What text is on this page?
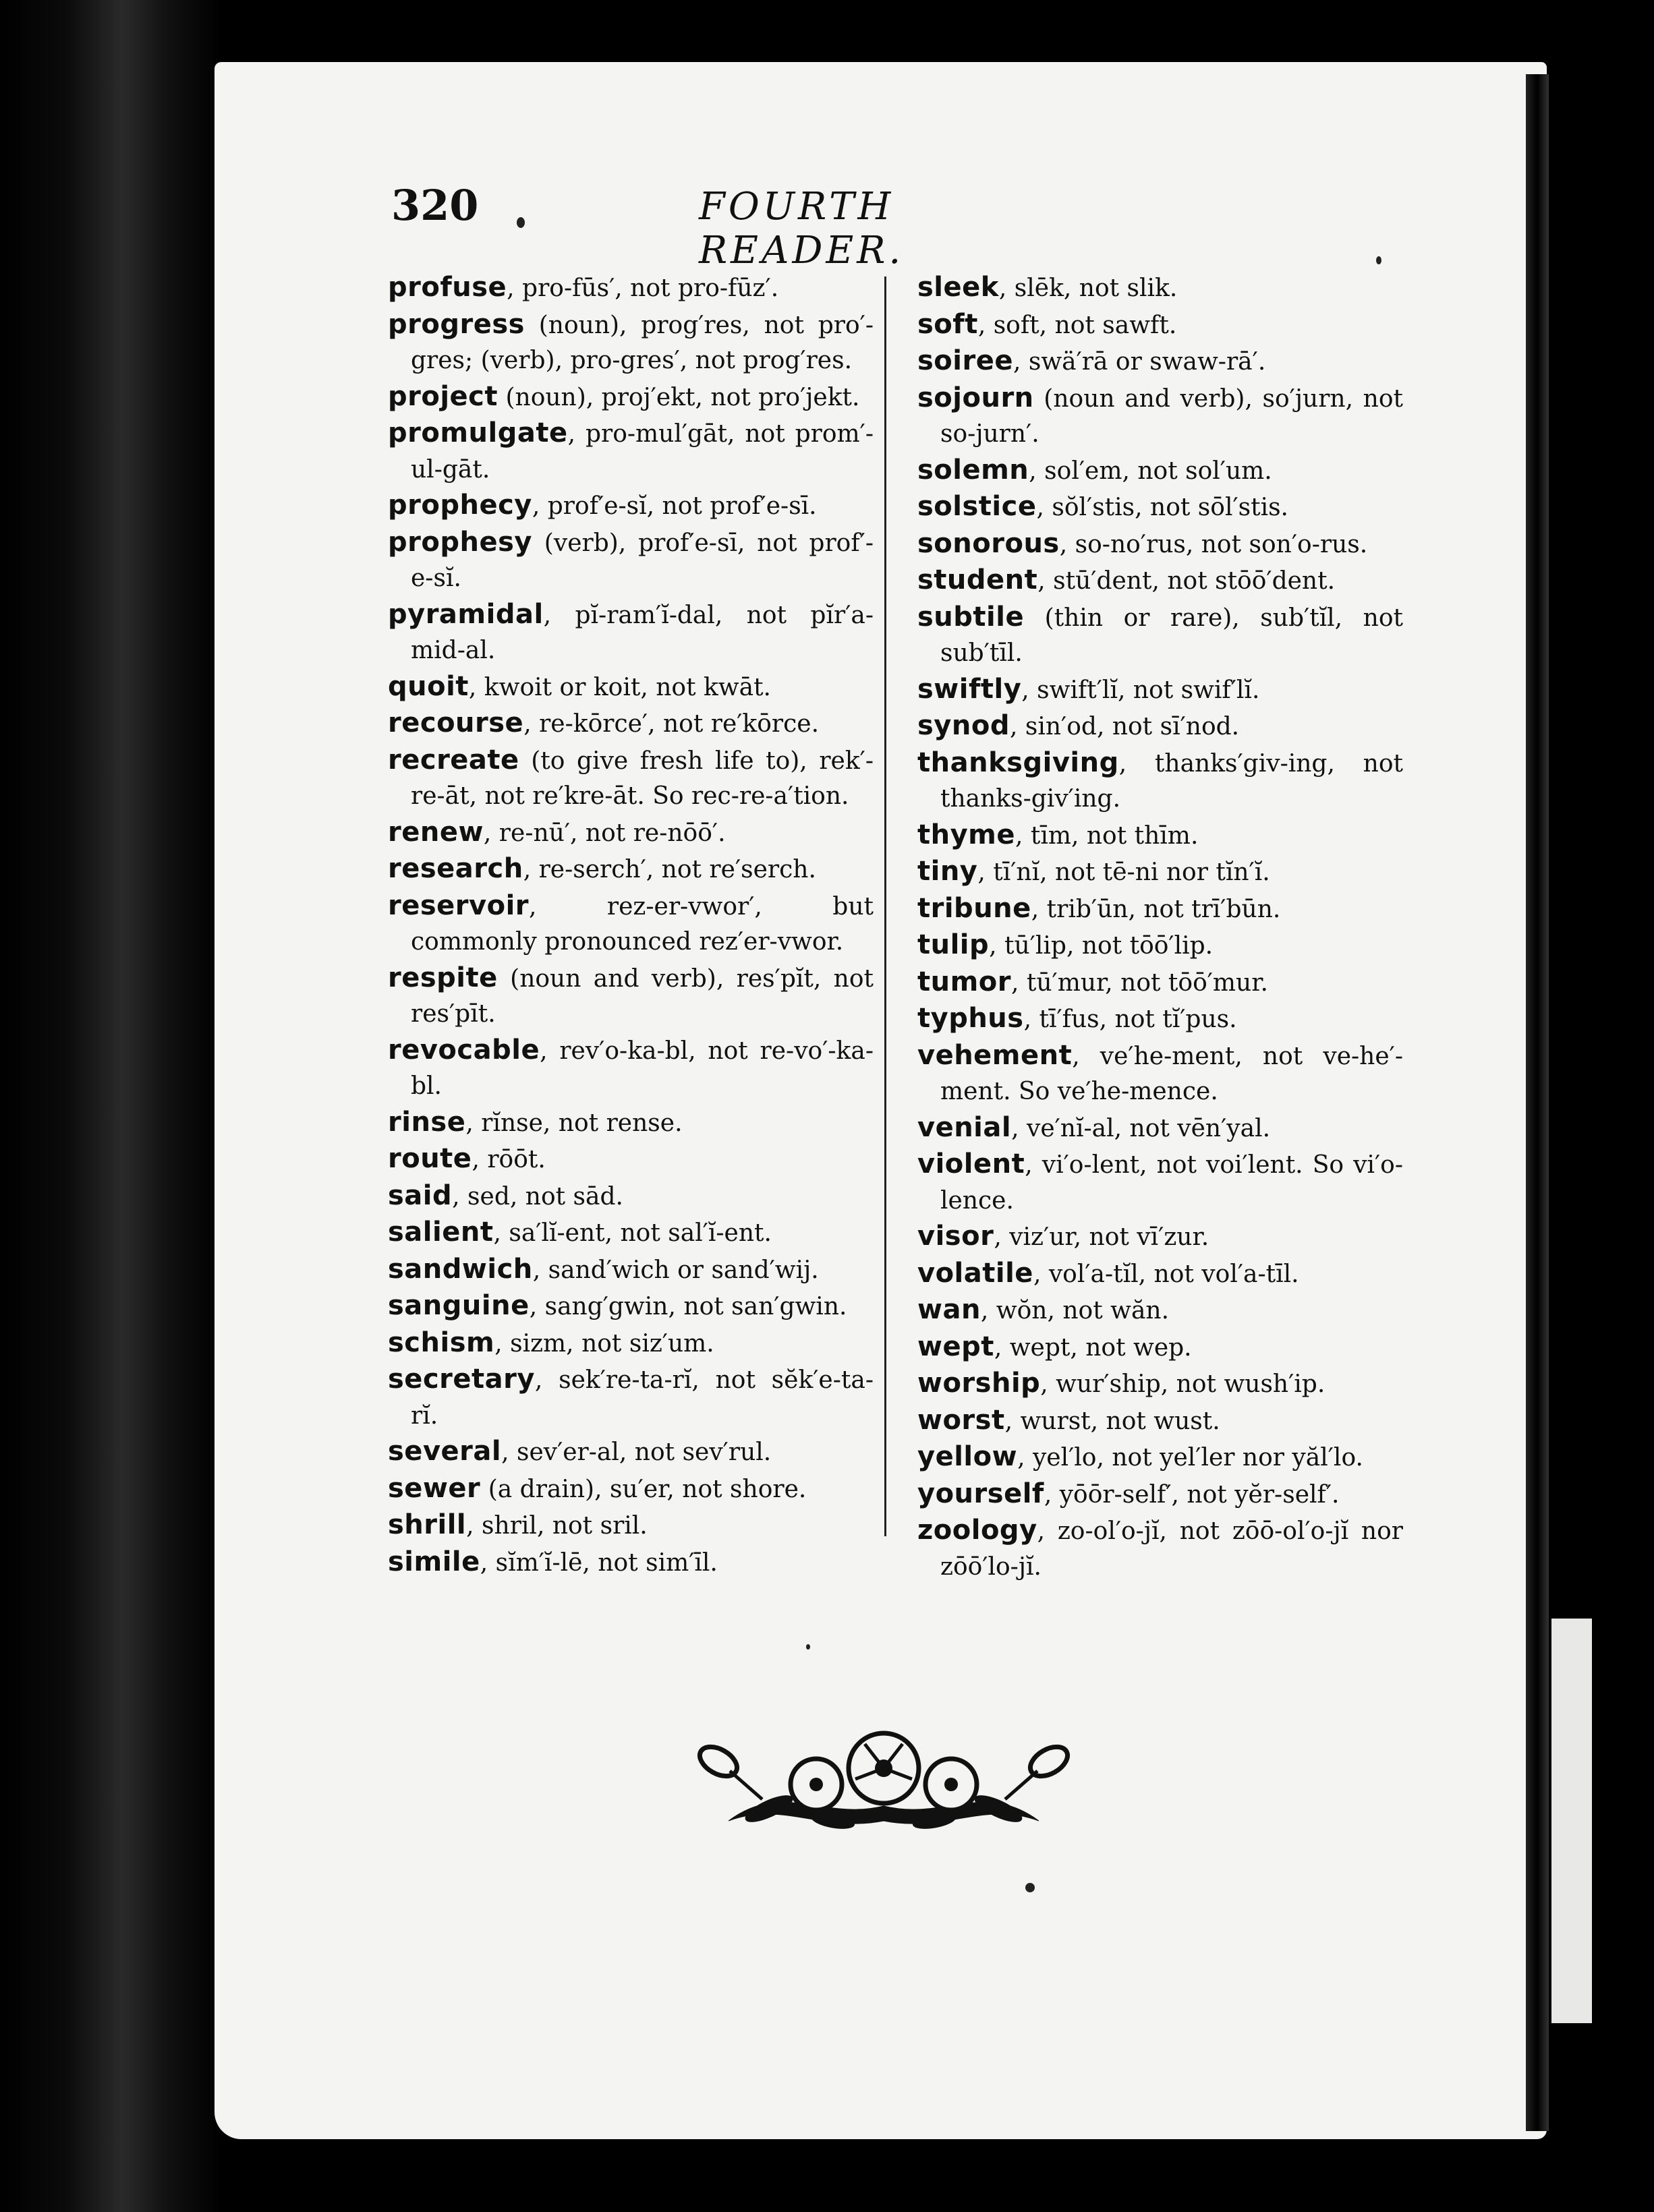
320	FOURTH READER.
profuse, pro-fūs′, not pro-fūz′.
progress (noun), prog′res, not pro′-gres; (verb), pro-gres′, not prog′res.
project (noun), proj′ekt, not pro′jekt.
promulgate, pro-mul′gāt, not prom′-ul-gāt.
prophecy, prof′e-sĭ, not prof′e-sī.
prophesy (verb), prof′e-sī, not prof′-e-sĭ.
pyramidal, pĭ-ram′ĭ-dal, not pĭr′a-mid-al.
quoit, kwoit or koit, not kwāt.
recourse, re-kōrce′, not re′kōrce.
recreate (to give fresh life to), rek′-re-āt, not re′kre-āt. So rec-re-a′tion.
renew, re-nū′, not re-nōō′.
research, re-serch′, not re′serch.
reservoir, rez-er-vwor′, but commonly pronounced rez′er-vwor.
respite (noun and verb), res′pĭt, not res′pīt.
revocable, rev′o-ka-bl, not re-vo′-ka-bl.
rinse, rĭnse, not rense.
route, rōōt.
said, sed, not sād.
salient, sa′lĭ-ent, not sal′ĭ-ent.
sandwich, sand′wich or sand′wij.
sanguine, sang′gwin, not san′gwin.
schism, sizm, not siz′um.
secretary, sek′re-ta-rĭ, not sĕk′e-ta-rĭ.
several, sev′er-al, not sev′rul.
sewer (a drain), su′er, not shore.
shrill, shril, not sril.
simile, sĭm′ĭ-lē, not sim′īl.
sleek, slēk, not slik.
soft, soft, not sawft.
soiree, swä′rā or swaw-rā′.
sojourn (noun and verb), so′jurn, not so-jurn′.
solemn, sol′em, not sol′um.
solstice, sŏl′stis, not sōl′stis.
sonorous, so-no′rus, not son′o-rus.
student, stū′dent, not stōō′dent.
subtile (thin or rare), sub′tĭl, not sub′tīl.
swiftly, swift′lĭ, not swif′lĭ.
synod, sin′od, not sī′nod.
thanksgiving, thanks′giv-ing, not thanks-giv′ing.
thyme, tīm, not thīm.
tiny, tī′nĭ, not tē-ni nor tĭn′ĭ.
tribune, trib′ūn, not trī′būn.
tulip, tū′lip, not tōō′lip.
tumor, tū′mur, not tōō′mur.
typhus, tī′fus, not tĭ′pus.
vehement, ve′he-ment, not ve-he′-ment. So ve′he-mence.
venial, ve′nĭ-al, not vēn′yal.
violent, vi′o-lent, not voi′lent. So vi′o-lence.
visor, viz′ur, not vī′zur.
volatile, vol′a-tĭl, not vol′a-tīl.
wan, wŏn, not wăn.
wept, wept, not wep.
worship, wur′ship, not wush′ip.
worst, wurst, not wust.
yellow, yel′lo, not yel′ler nor yăl′lo.
yourself, yōōr-self′, not yĕr-self′.
zoology, zo-ol′o-jĭ, not zōō-ol′o-jĭ nor zōō′lo-jĭ.
